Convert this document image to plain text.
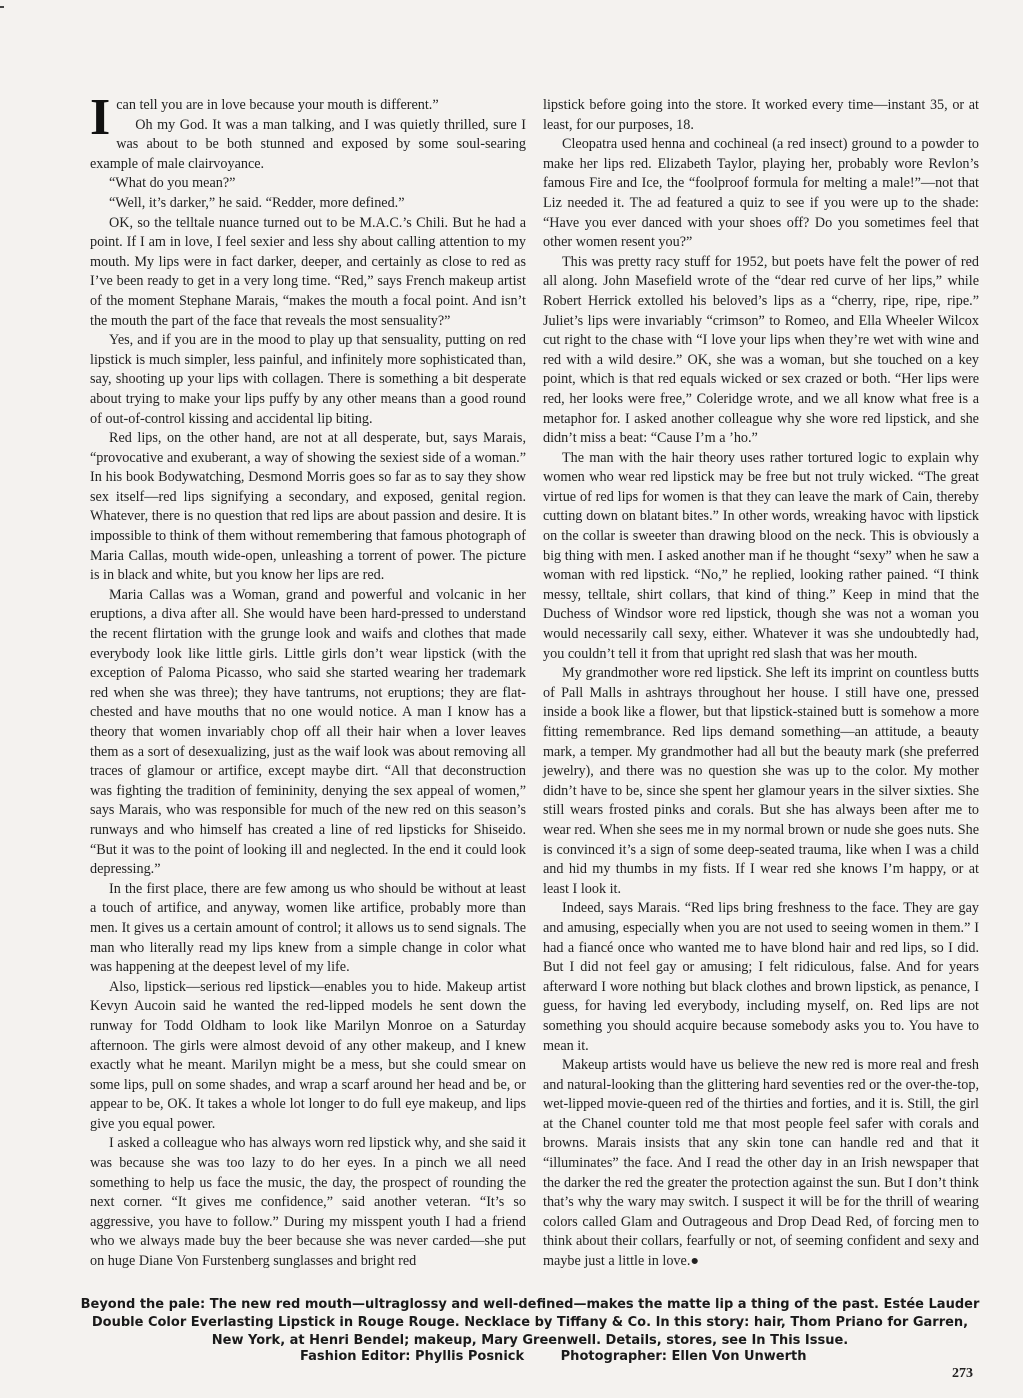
Ican tell you are in love because your mouth is different.”

Oh my God. It was a man talking, and I was quietly thrilled, sure I was about to be both stunned and exposed by some soul-searing example of male clairvoyance.

“What do you mean?”

“Well, it’s darker,” he said. “Redder, more defined.”

OK, so the telltale nuance turned out to be M.A.C.’s Chili. But he had a point. If I am in love, I feel sexier and less shy about calling attention to my mouth. My lips were in fact darker, deeper, and certainly as close to red as I’ve been ready to get in a very long time. “Red,” says French makeup artist of the moment Stephane Marais, “makes the mouth a focal point. And isn’t the mouth the part of the face that reveals the most sensuality?”

Yes, and if you are in the mood to play up that sensuality, putting on red lipstick is much simpler, less painful, and infinitely more sophisticated than, say, shooting up your lips with collagen. There is something a bit desperate about trying to make your lips puffy by any other means than a good round of out-of-control kissing and accidental lip biting.

Red lips, on the other hand, are not at all desperate, but, says Marais, “provocative and exuberant, a way of showing the sexiest side of a woman.” In his book Bodywatching, Desmond Morris goes so far as to say they show sex itself—red lips signifying a secondary, and exposed, genital region. Whatever, there is no question that red lips are about passion and desire. It is impossible to think of them without remembering that famous photograph of Maria Callas, mouth wide-open, unleashing a torrent of power. The picture is in black and white, but you know her lips are red.

Maria Callas was a Woman, grand and powerful and volcanic in her eruptions, a diva after all. She would have been hard-pressed to understand the recent flirtation with the grunge look and waifs and clothes that made everybody look like little girls. Little girls don’t wear lipstick (with the exception of Paloma Picasso, who said she started wearing her trademark red when she was three); they have tantrums, not eruptions; they are flat-chested and have mouths that no one would notice. A man I know has a theory that women invariably chop off all their hair when a lover leaves them as a sort of desexualizing, just as the waif look was about removing all traces of glamour or artifice, except maybe dirt. “All that deconstruction was fighting the tradition of femininity, denying the sex appeal of women,” says Marais, who was responsible for much of the new red on this season’s runways and who himself has created a line of red lipsticks for Shiseido. “But it was to the point of looking ill and neglected. In the end it could look depressing.”

In the first place, there are few among us who should be without at least a touch of artifice, and anyway, women like artifice, probably more than men. It gives us a certain amount of control; it allows us to send signals. The man who literally read my lips knew from a simple change in color what was happening at the deepest level of my life.

Also, lipstick—serious red lipstick—enables you to hide. Makeup artist Kevyn Aucoin said he wanted the red-lipped models he sent down the runway for Todd Oldham to look like Marilyn Monroe on a Saturday afternoon. The girls were almost devoid of any other makeup, and I knew exactly what he meant. Marilyn might be a mess, but she could smear on some lips, pull on some shades, and wrap a scarf around her head and be, or appear to be, OK. It takes a whole lot longer to do full eye makeup, and lips give you equal power.

I asked a colleague who has always worn red lipstick why, and she said it was because she was too lazy to do her eyes. In a pinch we all need something to help us face the music, the day, the prospect of rounding the next corner. “It gives me confidence,” said another veteran. “It’s so aggressive, you have to follow.” During my misspent youth I had a friend who we always made buy the beer because she was never carded—she put on huge Diane Von Furstenberg sunglasses and bright red

lipstick before going into the store. It worked every time—instant 35, or at least, for our purposes, 18.

Cleopatra used henna and cochineal (a red insect) ground to a powder to make her lips red. Elizabeth Taylor, playing her, probably wore Revlon’s famous Fire and Ice, the “foolproof formula for melting a male!”—not that Liz needed it. The ad featured a quiz to see if you were up to the shade: “Have you ever danced with your shoes off? Do you sometimes feel that other women resent you?”

This was pretty racy stuff for 1952, but poets have felt the power of red all along. John Masefield wrote of the “dear red curve of her lips,” while Robert Herrick extolled his beloved’s lips as a “cherry, ripe, ripe, ripe.” Juliet’s lips were invariably “crimson” to Romeo, and Ella Wheeler Wilcox cut right to the chase with “I love your lips when they’re wet with wine and red with a wild desire.” OK, she was a woman, but she touched on a key point, which is that red equals wicked or sex crazed or both. “Her lips were red, her looks were free,” Coleridge wrote, and we all know what free is a metaphor for. I asked another colleague why she wore red lipstick, and she didn’t miss a beat: “Cause I’m a ’ho.”

The man with the hair theory uses rather tortured logic to explain why women who wear red lipstick may be free but not truly wicked. “The great virtue of red lips for women is that they can leave the mark of Cain, thereby cutting down on blatant bites.” In other words, wreaking havoc with lipstick on the collar is sweeter than drawing blood on the neck. This is obviously a big thing with men. I asked another man if he thought “sexy” when he saw a woman with red lipstick. “No,” he replied, looking rather pained. “I think messy, telltale, shirt collars, that kind of thing.” Keep in mind that the Duchess of Windsor wore red lipstick, though she was not a woman you would necessarily call sexy, either. Whatever it was she undoubtedly had, you couldn’t tell it from that upright red slash that was her mouth.

My grandmother wore red lipstick. She left its imprint on countless butts of Pall Malls in ashtrays throughout her house. I still have one, pressed inside a book like a flower, but that lipstick-stained butt is somehow a more fitting remembrance. Red lips demand something—an attitude, a beauty mark, a temper. My grandmother had all but the beauty mark (she preferred jewelry), and there was no question she was up to the color. My mother didn’t have to be, since she spent her glamour years in the silver sixties. She still wears frosted pinks and corals. But she has always been after me to wear red. When she sees me in my normal brown or nude she goes nuts. She is convinced it’s a sign of some deep-seated trauma, like when I was a child and hid my thumbs in my fists. If I wear red she knows I’m happy, or at least I look it.

Indeed, says Marais. “Red lips bring freshness to the face. They are gay and amusing, especially when you are not used to seeing women in them.” I had a fiancé once who wanted me to have blond hair and red lips, so I did. But I did not feel gay or amusing; I felt ridiculous, false. And for years afterward I wore nothing but black clothes and brown lipstick, as penance, I guess, for having led everybody, including myself, on. Red lips are not something you should acquire because somebody asks you to. You have to mean it.

Makeup artists would have us believe the new red is more real and fresh and natural-looking than the glittering hard seventies red or the over-the-top, wet-lipped movie-queen red of the thirties and forties, and it is. Still, the girl at the Chanel counter told me that most people feel safer with corals and browns. Marais insists that any skin tone can handle red and that it “illuminates” the face. And I read the other day in an Irish newspaper that the darker the red the greater the protection against the sun. But I don’t think that’s why the wary may switch. I suspect it will be for the thrill of wearing colors called Glam and Outrageous and Drop Dead Red, of forcing men to think about their collars, fearfully or not, of seeming confident and sexy and maybe just a little in love.●

Beyond the pale: The new red mouth—ultraglossy and well-defined—makes the matte lip a thing of the past. Estée Lauder Double Color Everlasting Lipstick in Rouge Rouge. Necklace by Tiffany & Co. In this story: hair, Thom Priano for Garren, New York, at Henri Bendel; makeup, Mary Greenwell. Details, stores, see In This Issue.
Fashion Editor: Phyllis Posnick	Photographer: Ellen Von Unwerth
273
